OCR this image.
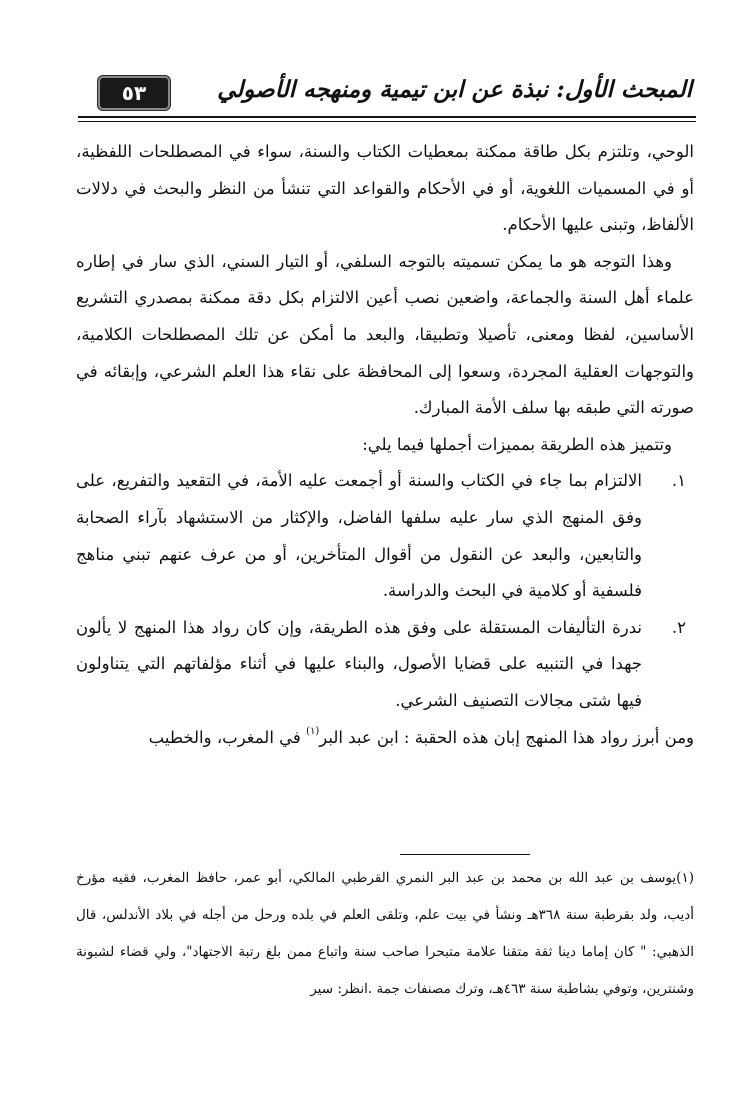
المبحث الأول: نبذة عن ابن تيمية ومنهجه الأصولي
٥٣

الوحي، وتلتزم بكل طاقة ممكنة بمعطيات الكتاب والسنة، سواء في المصطلحات اللفظية، أو في المسميات اللغوية، أو في الأحكام والقواعد التي تنشأ من النظر والبحث في دلالات الألفاظ، وتبنى عليها الأحكام.

وهذا التوجه هو ما يمكن تسميته بالتوجه السلفي، أو التيار السني، الذي سار في إطاره علماء أهل السنة والجماعة، واضعين نصب أعين الالتزام بكل دقة ممكنة بمصدري التشريع الأساسين، لفظا ومعنى، تأصيلا وتطبيقا، والبعد ما أمكن عن تلك المصطلحات الكلامية، والتوجهات العقلية المجردة، وسعوا إلى المحافظة على نقاء هذا العلم الشرعي، وإبقائه في صورته التي طبقه بها سلف الأمة المبارك.

وتتميز هذه الطريقة بمميزات أجملها فيما يلي:

١.
الالتزام بما جاء في الكتاب والسنة أو أجمعت عليه الأمة، في التقعيد والتفريع، على وفق المنهج الذي سار عليه سلفها الفاضل، والإكثار من الاستشهاد بآراء الصحابة والتابعين، والبعد عن النقول من أقوال المتأخرين، أو من عرف عنهم تبني مناهج فلسفية أو كلامية في البحث والدراسة.
٢.
ندرة التأليفات المستقلة على وفق هذه الطريقة، وإن كان رواد هذا المنهج لا يألون جهدا في التنبيه على قضايا الأصول، والبناء عليها في أثناء مؤلفاتهم التي يتناولون فيها شتى مجالات التصنيف الشرعي.

ومن أبرز رواد هذا المنهج إبان هذه الحقبة : ابن عبد البر$^{(١)}$ في المغرب، والخطيب

(١)يوسف بن عبد الله بن محمد بن عبد البر النمري القرطبي المالكي، أبو عمر، حافظ المغرب، فقيه مؤرخ أديب، ولد بقرطبة سنة ٣٦٨هـ ونشأ في بيت علم، وتلقى العلم في بلده ورحل من أجله في بلاد الأندلس، قال الذهبي: " كان إماما دينا ثقة متقنا علامة متبحرا صاحب سنة واتباع ممن بلغ رتبة الاجتهاد"، ولي قضاء لشبونة وشنترين، وتوفي بشاطبة سنة ٤٦٣هـ، وترك مصنفات جمة .انظر: سير
